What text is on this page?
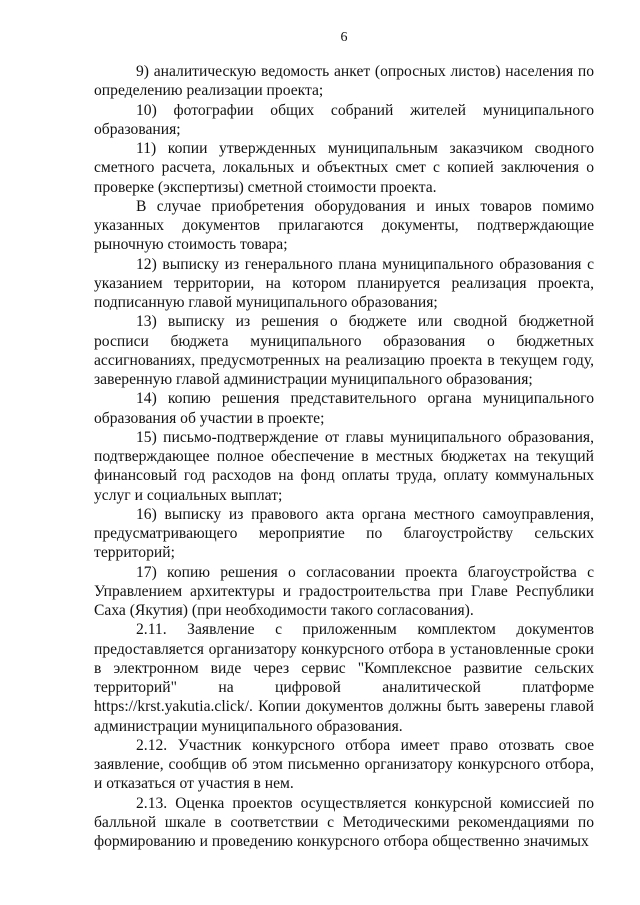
6

9) аналитическую ведомость анкет (опросных листов) населения по определению реализации проекта;

10) фотографии общих собраний жителей муниципального образования;

11) копии утвержденных муниципальным заказчиком сводного сметного расчета, локальных и объектных смет с копией заключения о проверке (экспертизы) сметной стоимости проекта.

В случае приобретения оборудования и иных товаров помимо указанных документов прилагаются документы, подтверждающие рыночную стоимость товара;

12) выписку из генерального плана муниципального образования с указанием территории, на котором планируется реализация проекта, подписанную главой муниципального образования;

13) выписку из решения о бюджете или сводной бюджетной росписи бюджета муниципального образования о бюджетных ассигнованиях, предусмотренных на реализацию проекта в текущем году, заверенную главой администрации муниципального образования;

14) копию решения представительного органа муниципального образования об участии в проекте;

15) письмо-подтверждение от главы муниципального образования, подтверждающее полное обеспечение в местных бюджетах на текущий финансовый год расходов на фонд оплаты труда, оплату коммунальных услуг и социальных выплат;

16) выписку из правового акта органа местного самоуправления, предусматривающего мероприятие по благоустройству сельских территорий;

17) копию решения о согласовании проекта благоустройства с Управлением архитектуры и градостроительства при Главе Республики Саха (Якутия) (при необходимости такого согласования).

2.11. Заявление с приложенным комплектом документов предоставляется организатору конкурсного отбора в установленные сроки в электронном виде через сервис "Комплексное развитие сельских территорий" на цифровой аналитической платформе https://krst.yakutia.click/. Копии документов должны быть заверены главой администрации муниципального образования.

2.12. Участник конкурсного отбора имеет право отозвать свое заявление, сообщив об этом письменно организатору конкурсного отбора, и отказаться от участия в нем.

2.13. Оценка проектов осуществляется конкурсной комиссией по балльной шкале в соответствии с Методическими рекомендациями по формированию и проведению конкурсного отбора общественно значимых
